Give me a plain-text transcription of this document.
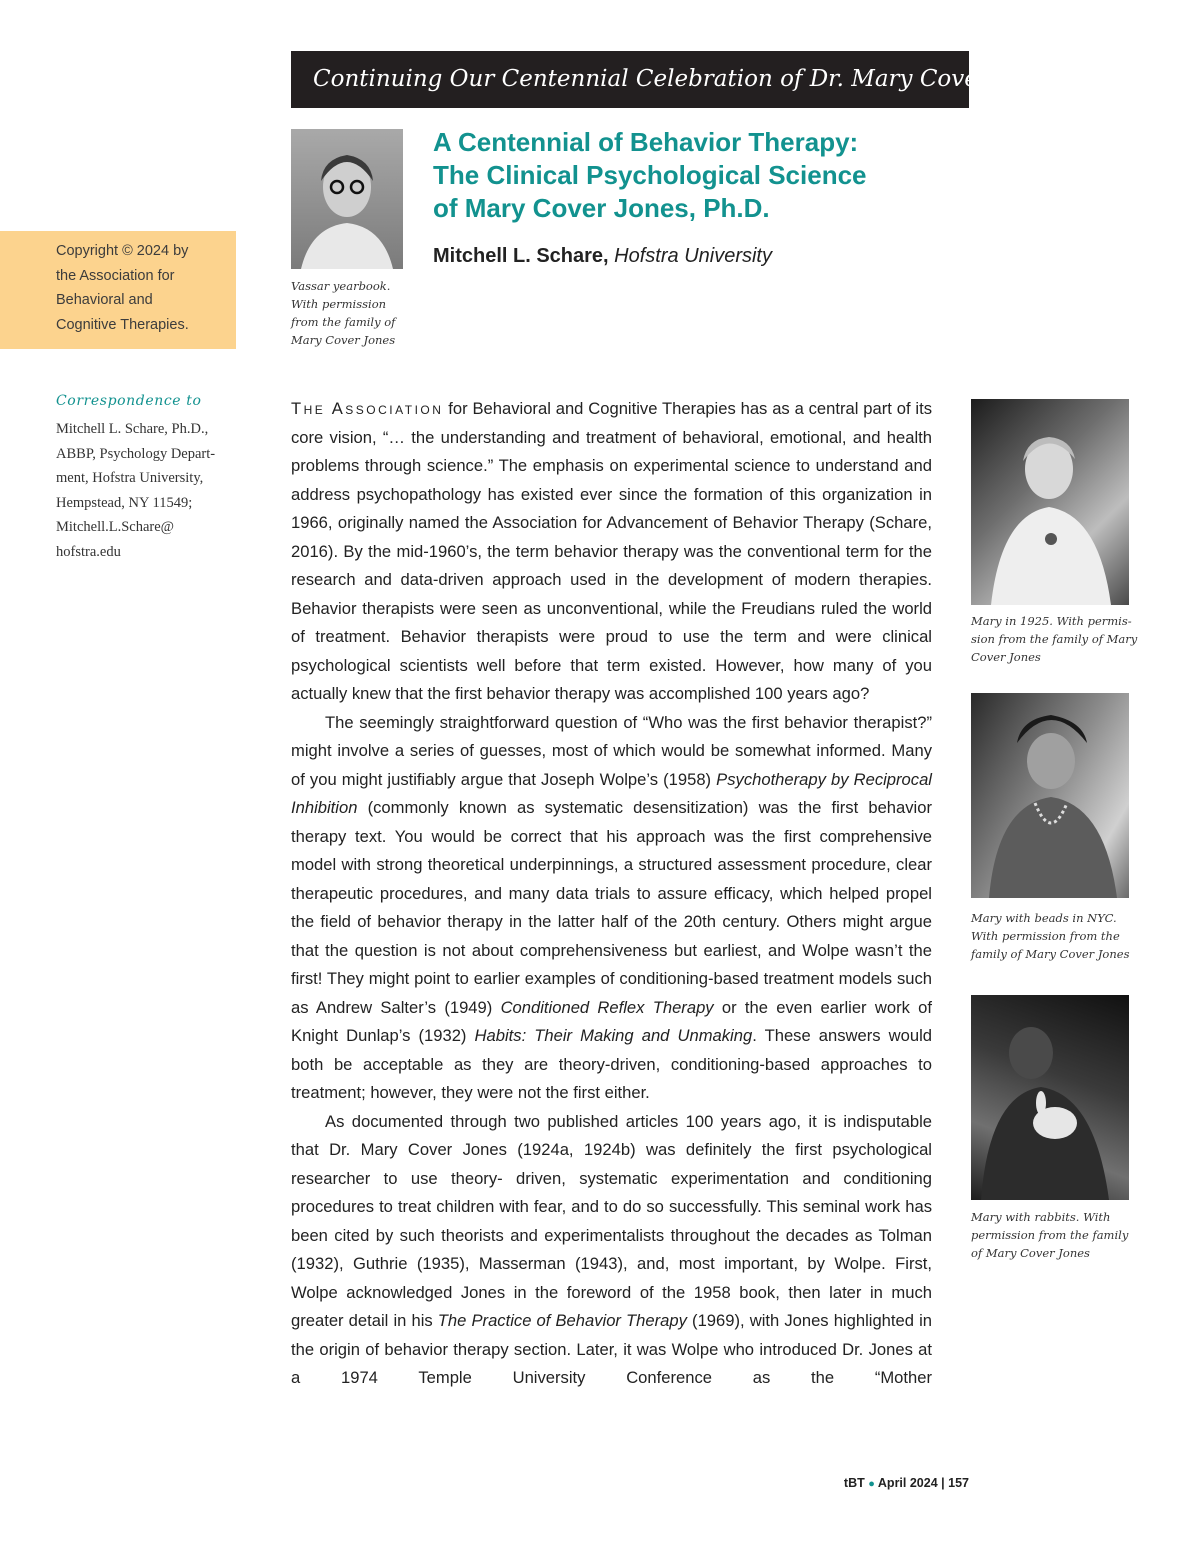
Continuing Our Centennial Celebration of Dr. Mary Cover Jones
Vassar yearbook.
With permission
from the family of
Mary Cover Jones
A Centennial of Behavior Therapy:
The Clinical Psychological Science
of Mary Cover Jones, Ph.D.
Mitchell L. Schare, Hofstra University
Copyright © 2024 by
the Association for
Behavioral and
Cognitive Therapies.
Correspondence to
Mitchell L. Schare, Ph.D.,
ABBP, Psychology Depart-
ment, Hofstra University,
Hempstead, NY 11549;
Mitchell.L.Schare@
hofstra.edu

The Association for Behavioral and Cognitive Therapies has as a central part of its core vision, “… the understanding and treatment of behavioral, emotional, and health problems through science.” The emphasis on experimental science to understand and address psychopathology has existed ever since the formation of this organization in 1966, originally named the Association for Advancement of Behavior Therapy (Schare, 2016). By the mid-1960’s, the term behavior therapy was the conventional term for the research and data-driven approach used in the development of modern therapies. Behavior therapists were seen as unconventional, while the Freudians ruled the world of treatment. Behavior therapists were proud to use the term and were clinical psychological scientists well before that term existed. However, how many of you actually knew that the first behavior therapy was accomplished 100 years ago?

The seemingly straightforward question of “Who was the first behavior therapist?” might involve a series of guesses, most of which would be somewhat informed. Many of you might justifiably argue that Joseph Wolpe’s (1958) Psychotherapy by Reciprocal Inhibition (commonly known as systematic desensitization) was the first behavior therapy text. You would be correct that his approach was the first comprehensive model with strong theoretical underpinnings, a structured assessment procedure, clear therapeutic procedures, and many data trials to assure efficacy, which helped propel the field of behavior therapy in the latter half of the 20th century. Others might argue that the question is not about comprehensiveness but earliest, and Wolpe wasn’t the first! They might point to earlier examples of conditioning-based treatment models such as Andrew Salter’s (1949) Conditioned Reflex Therapy or the even earlier work of Knight Dunlap’s (1932) Habits: Their Making and Unmaking. These answers would both be acceptable as they are theory-driven, conditioning-based approaches to treatment; however, they were not the first either.

As documented through two published articles 100 years ago, it is indisputable that Dr. Mary Cover Jones (1924a, 1924b) was definitely the first psychological researcher to use theory- driven, systematic experimentation and conditioning procedures to treat children with fear, and to do so successfully. This seminal work has been cited by such theorists and experimentalists throughout the decades as Tolman (1932), Guthrie (1935), Masserman (1943), and, most important, by Wolpe. First, Wolpe acknowledged Jones in the foreword of the 1958 book, then later in much greater detail in his The Practice of Behavior Therapy (1969), with Jones highlighted in the origin of behavior therapy section. Later, it was Wolpe who introduced Dr. Jones at a 1974 Temple University Conference as the “Mother

Mary in 1925. With permis-
sion from the family of Mary
Cover Jones
Mary with beads in NYC.
With permission from the
family of Mary Cover Jones
Mary with rabbits. With
permission from the family
of Mary Cover Jones
tBT ● April 2024 | 157
